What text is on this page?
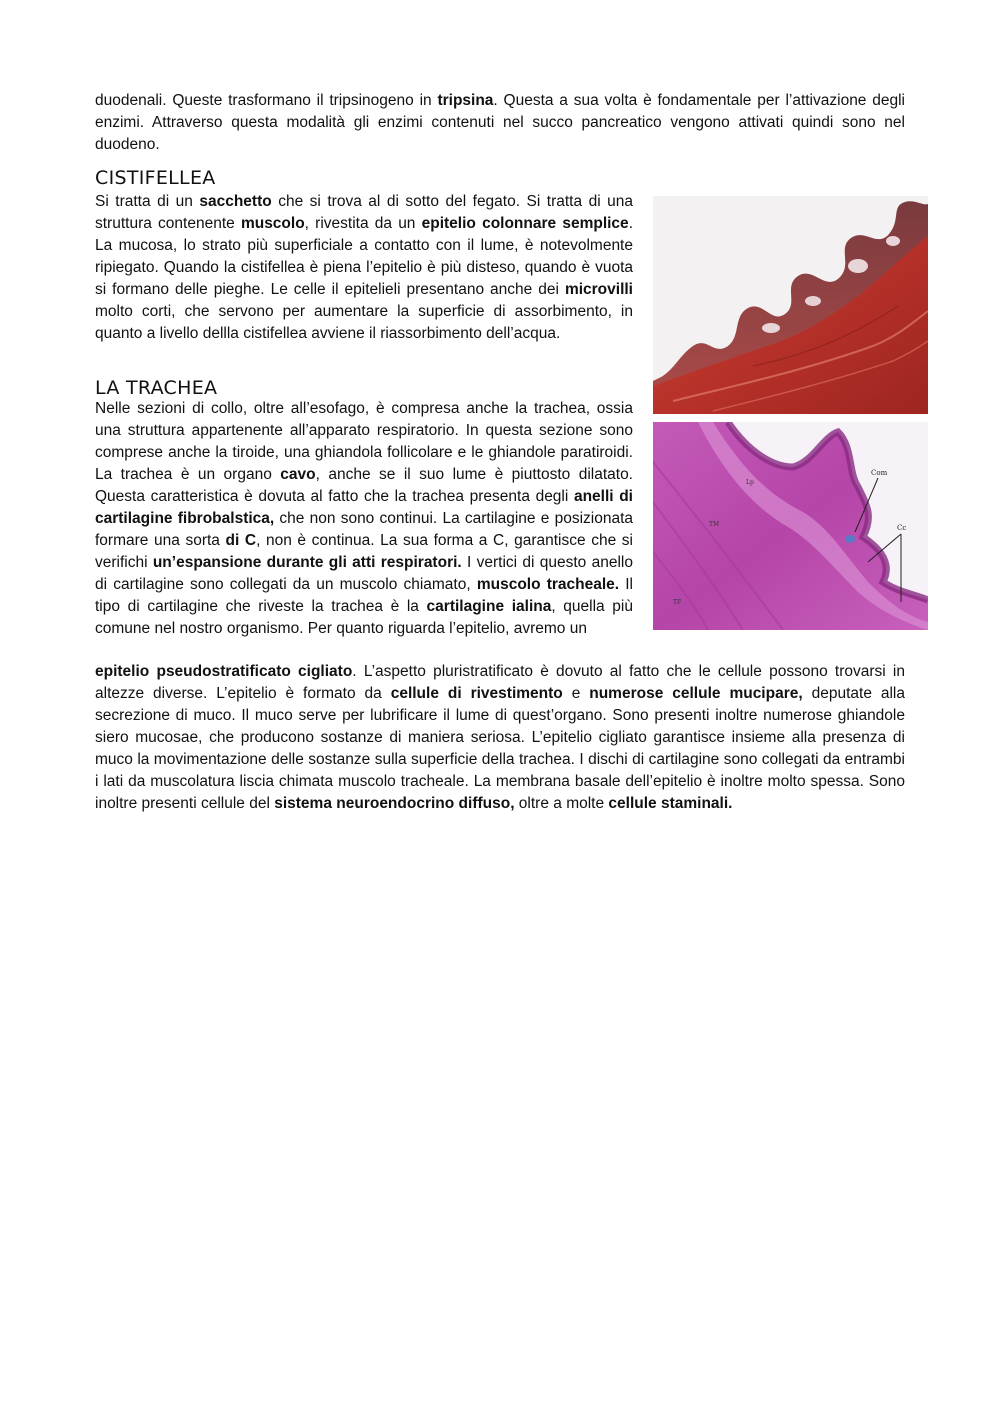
duodenali. Queste trasformano il tripsinogeno in tripsina. Questa a sua volta è fondamentale per l’attivazione degli enzimi. Attraverso questa modalità gli enzimi contenuti nel succo pancreatico vengono attivati quindi sono nel duodeno.
CISTIFELLEA
Si tratta di un sacchetto che si trova al di sotto del fegato. Si tratta di una struttura contenente muscolo, rivestita da un epitelio colonnare semplice. La mucosa, lo strato più superficiale a contatto con il lume, è notevolmente ripiegato. Quando la cistifellea è piena l’epitelio è più disteso, quando è vuota si formano delle pieghe. Le celle il epitelieli presentano anche dei microvilli molto corti, che servono per aumentare la superficie di assorbimento, in quanto a livello dellla cistifellea avviene il riassorbimento dell’acqua.
LA TRACHEA
Nelle sezioni di collo, oltre all’esofago, è compresa anche la trachea, ossia una struttura appartenente all’apparato respiratorio. In questa sezione sono comprese anche la tiroide, una ghiandola follicolare e le ghiandole paratiroidi. La trachea è un organo cavo, anche se il suo lume è piuttosto dilatato. Questa caratteristica è dovuta al fatto che la trachea presenta degli anelli di cartilagine fibrobalstica, che non sono continui. La cartilagine e posizionata formare una sorta di C, non è continua. La sua forma a C, garantisce che si verifichi un’espansione durante gli atti respiratori. I vertici di questo anello di cartilagine sono collegati da un muscolo chiamato, muscolo tracheale. Il tipo di cartilagine che riveste la trachea è la cartilagine ialina, quella più comune nel nostro organismo. Per quanto riguarda l’epitelio, avremo un
epitelio pseudostratificato cigliato. L’aspetto pluristratificato è dovuto al fatto che le cellule possono trovarsi in altezze diverse. L’epitelio è formato da cellule di rivestimento e numerose cellule mucipare, deputate alla secrezione di muco. Il muco serve per lubrificare il lume di quest’organo. Sono presenti inoltre numerose ghiandole siero mucosae, che producono sostanze di maniera seriosa. L’epitelio cigliato garantisce insieme alla presenza di muco la movimentazione delle sostanze sulla superficie della trachea. I dischi di cartilagine sono collegati da entrambi i lati da muscolatura liscia chimata muscolo tracheale. La membrana basale dell’epitelio è inoltre molto spessa. Sono inoltre presenti cellule del sistema neuroendocrino diffuso, oltre a molte cellule staminali.
Com
Cc
Lp
TM
TF
